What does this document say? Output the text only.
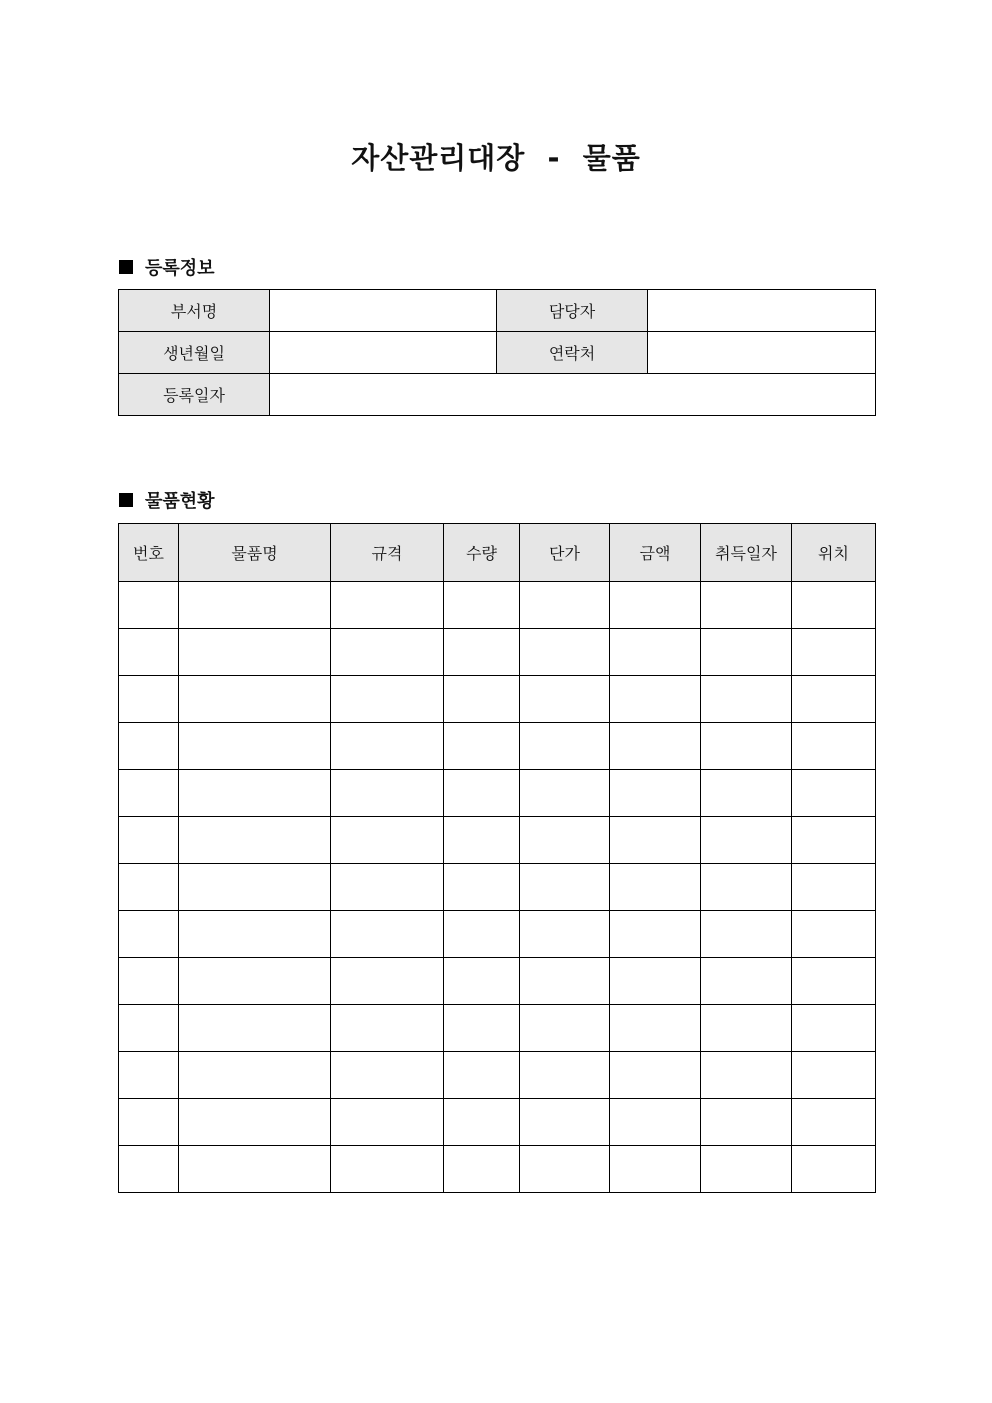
자산관리대장  -  물품
등록정보
부서명		담당자	
생년월일		연락처	
등록일자			
물품현황
번호	물품명	규격	수량	단가	금액	취득일자	위치
